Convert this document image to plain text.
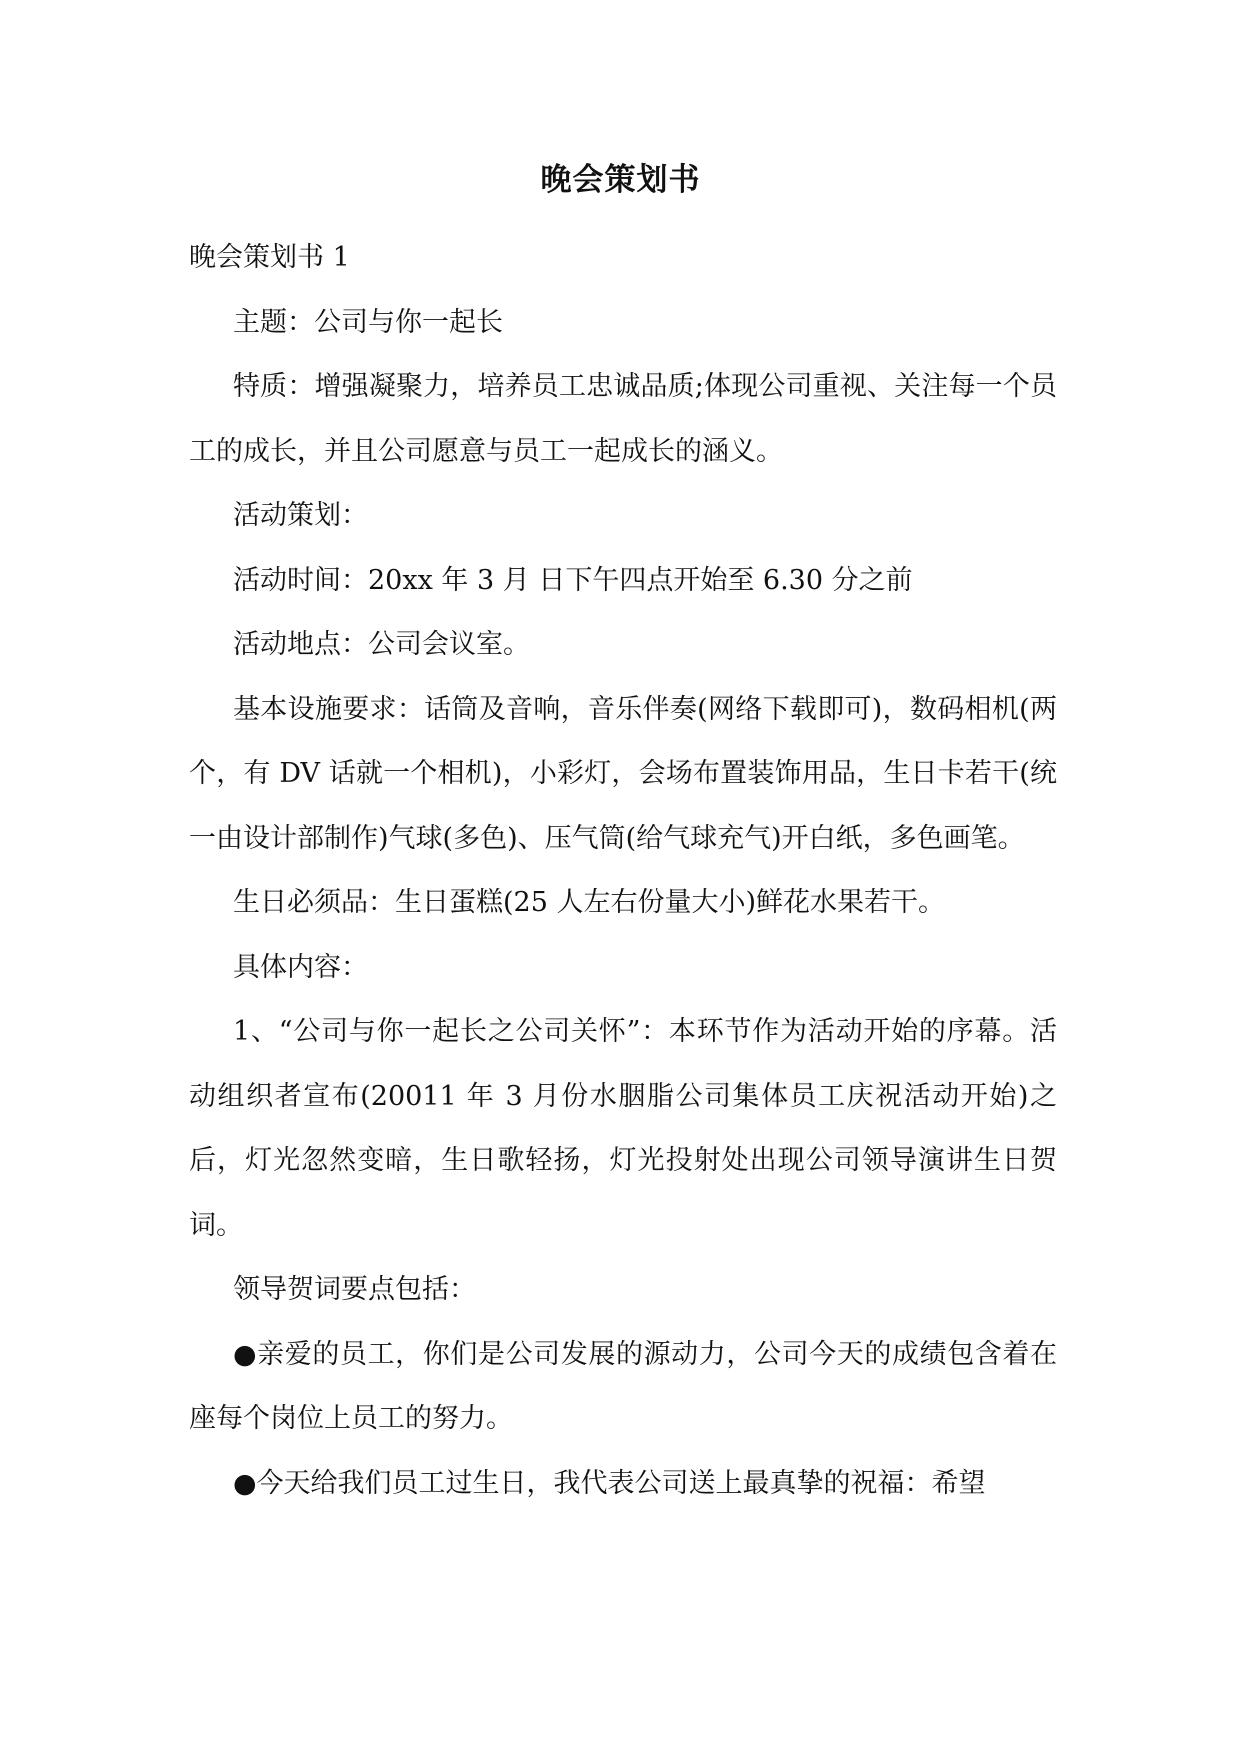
晚会策划书

晚会策划书 1

主题：公司与你一起长

特质：增强凝聚力，培养员工忠诚品质;体现公司重视、关注每一个员工的成长，并且公司愿意与员工一起成长的涵义。

活动策划：

活动时间：20xx 年 3 月 日下午四点开始至 6.30 分之前

活动地点：公司会议室。

基本设施要求：话筒及音响，音乐伴奏(网络下载即可)，数码相机(两个，有 DV 话就一个相机)，小彩灯，会场布置装饰用品，生日卡若干(统一由设计部制作)气球(多色)、压气筒(给气球充气)开白纸，多色画笔。

生日必须品：生日蛋糕(25 人左右份量大小)鲜花水果若干。

具体内容：

1、“公司与你一起长之公司关怀”：本环节作为活动开始的序幕。活动组织者宣布(20011 年 3 月份水胭脂公司集体员工庆祝活动开始)之后，灯光忽然变暗，生日歌轻扬，灯光投射处出现公司领导演讲生日贺词。

领导贺词要点包括：

●亲爱的员工，你们是公司发展的源动力，公司今天的成绩包含着在座每个岗位上员工的努力。

●今天给我们员工过生日，我代表公司送上最真挚的祝福：希望
